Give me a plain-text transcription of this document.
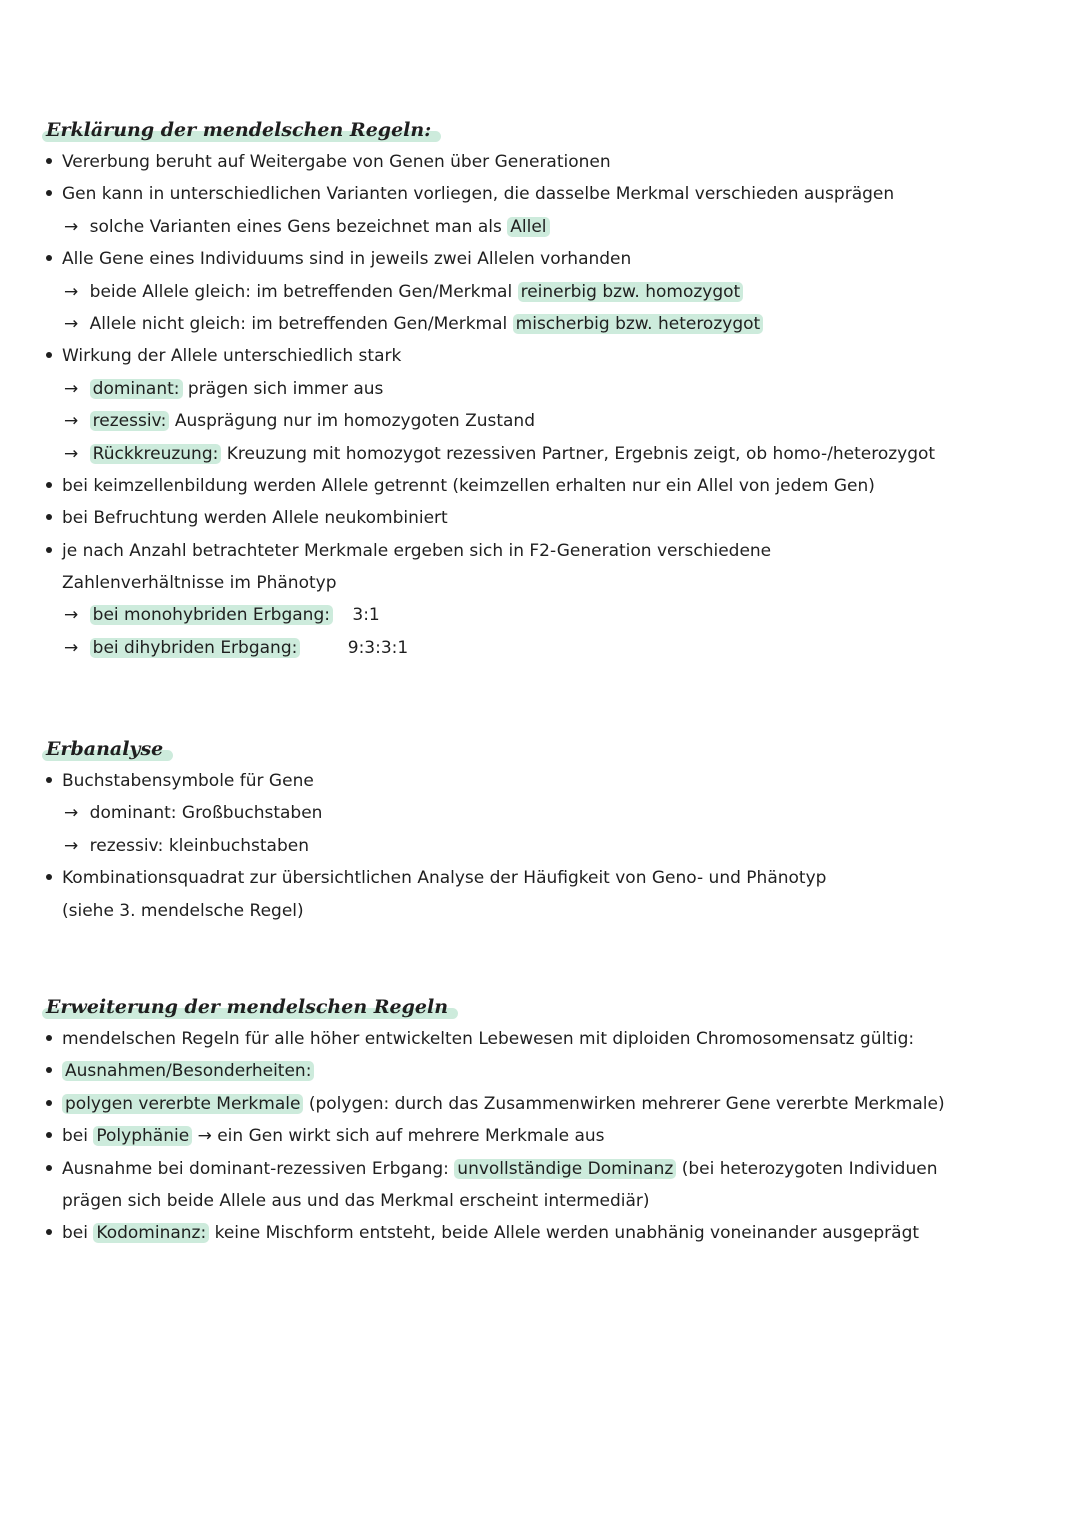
Erklärung der mendelschen Regeln:
Vererbung beruht auf Weitergabe von Genen über Generationen
Gen kann in unterschiedlichen Varianten vorliegen, die dasselbe Merkmal verschieden ausprägen
→ solche Varianten eines Gens bezeichnet man als Allel
Alle Gene eines Individuums sind in jeweils zwei Allelen vorhanden
→ beide Allele gleich: im betreffenden Gen/Merkmal reinerbig bzw. homozygot
→ Allele nicht gleich: im betreffenden Gen/Merkmal mischerbig bzw. heterozygot
Wirkung der Allele unterschiedlich stark
→ dominant: prägen sich immer aus
→ rezessiv: Ausprägung nur im homozygoten Zustand
→ Rückkreuzung: Kreuzung mit homozygot rezessiven Partner, Ergebnis zeigt, ob homo-/heterozygot
bei keimzellenbildung werden Allele getrennt (keimzellen erhalten nur ein Allel von jedem Gen)
bei Befruchtung werden Allele neukombiniert
je nach Anzahl betrachteter Merkmale ergeben sich in F2-Generation verschiedene
Zahlenverhältnisse im Phänotyp
→ bei monohybriden Erbgang: 3:1
→ bei dihybriden Erbgang:	9:3:3:1
Erbanalyse
Buchstabensymbole für Gene
→ dominant: Großbuchstaben
→ rezessiv: kleinbuchstaben
Kombinationsquadrat zur übersichtlichen Analyse der Häufigkeit von Geno- und Phänotyp
(siehe 3. mendelsche Regel)
Erweiterung der mendelschen Regeln
mendelschen Regeln für alle höher entwickelten Lebewesen mit diploiden Chromosomensatz gültig:
Ausnahmen/Besonderheiten:
polygen vererbte Merkmale (polygen: durch das Zusammenwirken mehrerer Gene vererbte Merkmale)
bei Polyphänie → ein Gen wirkt sich auf mehrere Merkmale aus
Ausnahme bei dominant-rezessiven Erbgang: unvollständige Dominanz (bei heterozygoten Individuen
prägen sich beide Allele aus und das Merkmal erscheint intermediär)
bei Kodominanz: keine Mischform entsteht, beide Allele werden unabhänig voneinander ausgeprägt
